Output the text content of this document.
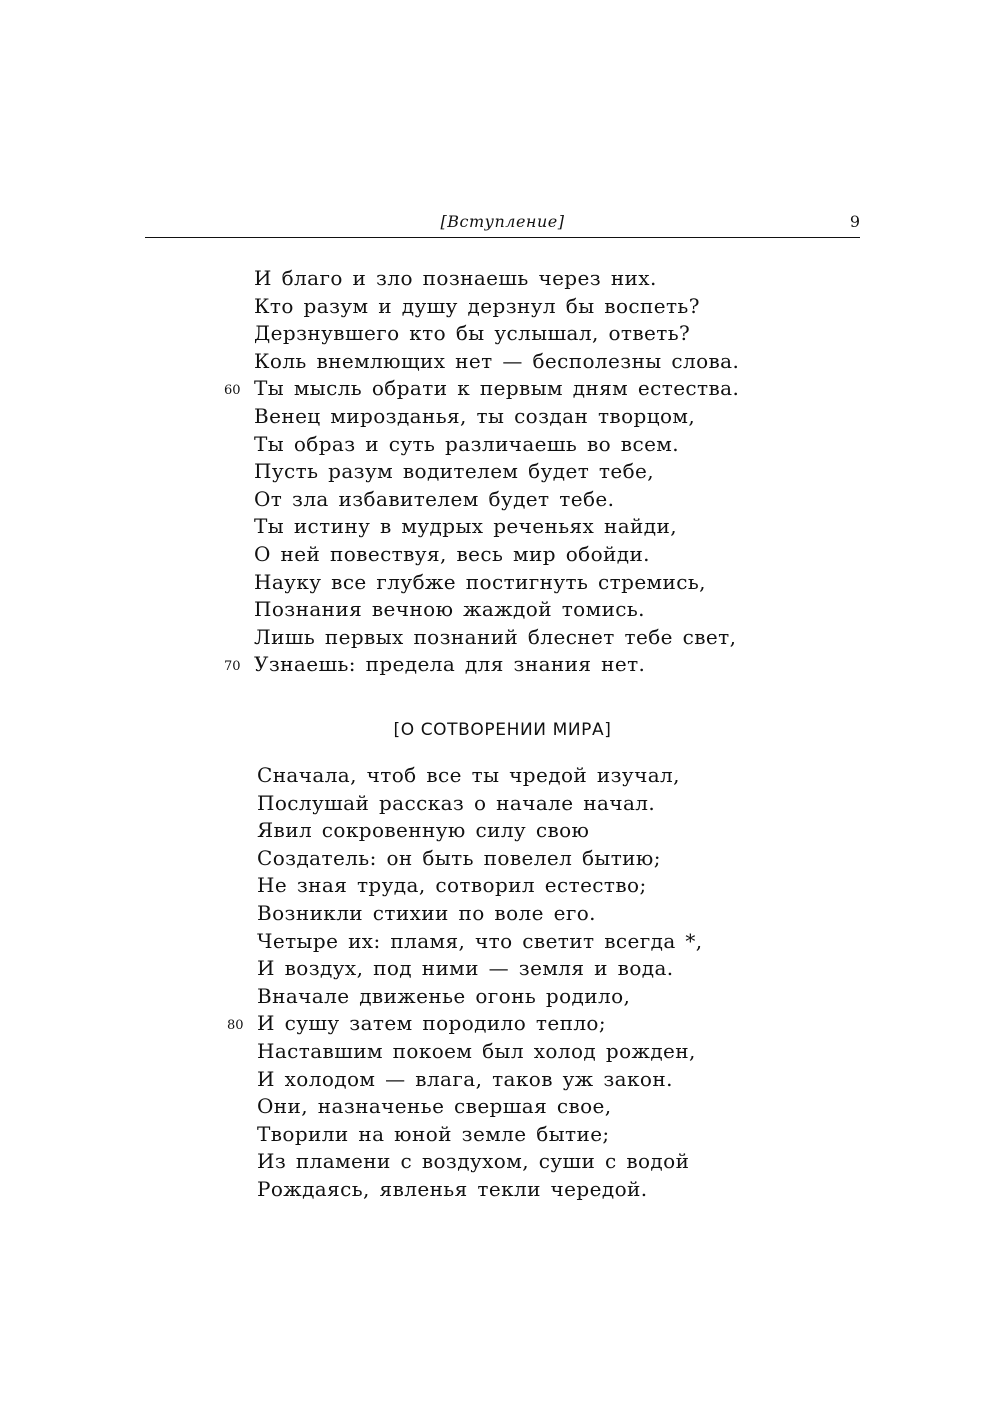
[Вступление]	9
И благо и зло познаешь через них.
Кто разум и душу дерзнул бы воспеть?
Дерзнувшего кто бы услышал, ответь?
Коль внемлющих нет — бесполезны слова.
60 Ты мысль обрати к первым дням естества.
Венец мирозданья, ты создан творцом,
Ты образ и суть различаешь во всем.
Пусть разум водителем будет тебе,
От зла избавителем будет тебе.
Ты истину в мудрых реченьях найди,
О ней повествуя, весь мир обойди.
Науку все глубже постигнуть стремись,
Познания вечною жаждой томись.
Лишь первых познаний блеснет тебе свет,
70 Узнаешь: предела для знания нет.
[О СОТВОРЕНИИ МИРА]
Сначала, чтоб все ты чредой изучал,
Послушай рассказ о начале начал.
Явил сокровенную силу свою
Создатель: он быть повелел бытию;
Не зная труда, сотворил естество;
Возникли стихии по воле его.
Четыре их: пламя, что светит всегда *,
И воздух, под ними — земля и вода.
Вначале движенье огонь родило,
80 И сушу затем породило тепло;
Наставшим покоем был холод рожден,
И холодом — влага, таков уж закон.
Они, назначенье свершая свое,
Творили на юной земле бытие;
Из пламени с воздухом, суши с водой
Рождаясь, явленья текли чередой.
